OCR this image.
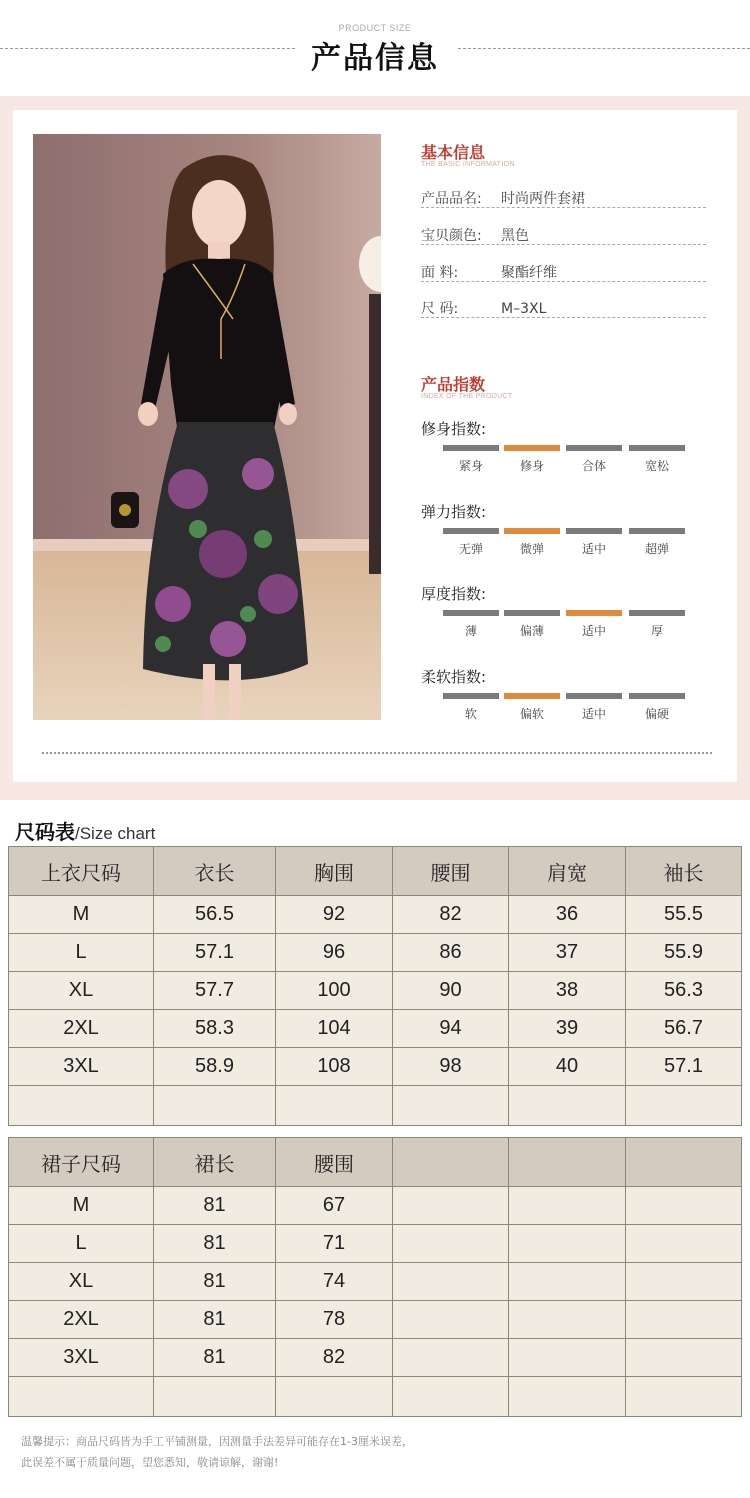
PRODUCT SIZE
产品信息
基本信息
THE BASIC INFORMATION
产品品名: 时尚两件套裙
宝贝颜色: 黑色
面 料:	聚酯纤维
尺 码:	M–3XL
产品指数
INDEX OF THE PRODUCT
修身指数:
紧身	修身	合体	宽松
弹力指数:
无弹	微弹	适中	超弹
厚度指数:
薄	偏薄	适中	厚
柔软指数:
软	偏软	适中	偏硬
尺码表/Size chart
上衣尺码	衣长	胸围	腰围	肩宽	袖长
M	56.5	92	82	36	55.5
L	57.1	96	86	37	55.9
XL	57.7	100	90	38	56.3
2XL	58.3	104	94	39	56.7
3XL	58.9	108	98	40	57.1

裙子尺码	裙长	腰围			
M	81	67			
L	81	71			
XL	81	74			
2XL	81	78			
3XL	81	82			

温馨提示：商品尺码皆为手工平铺测量，因测量手法差异可能存在1-3厘米误差，
此误差不属于质量问题，望您悉知，敬请谅解，谢谢!
